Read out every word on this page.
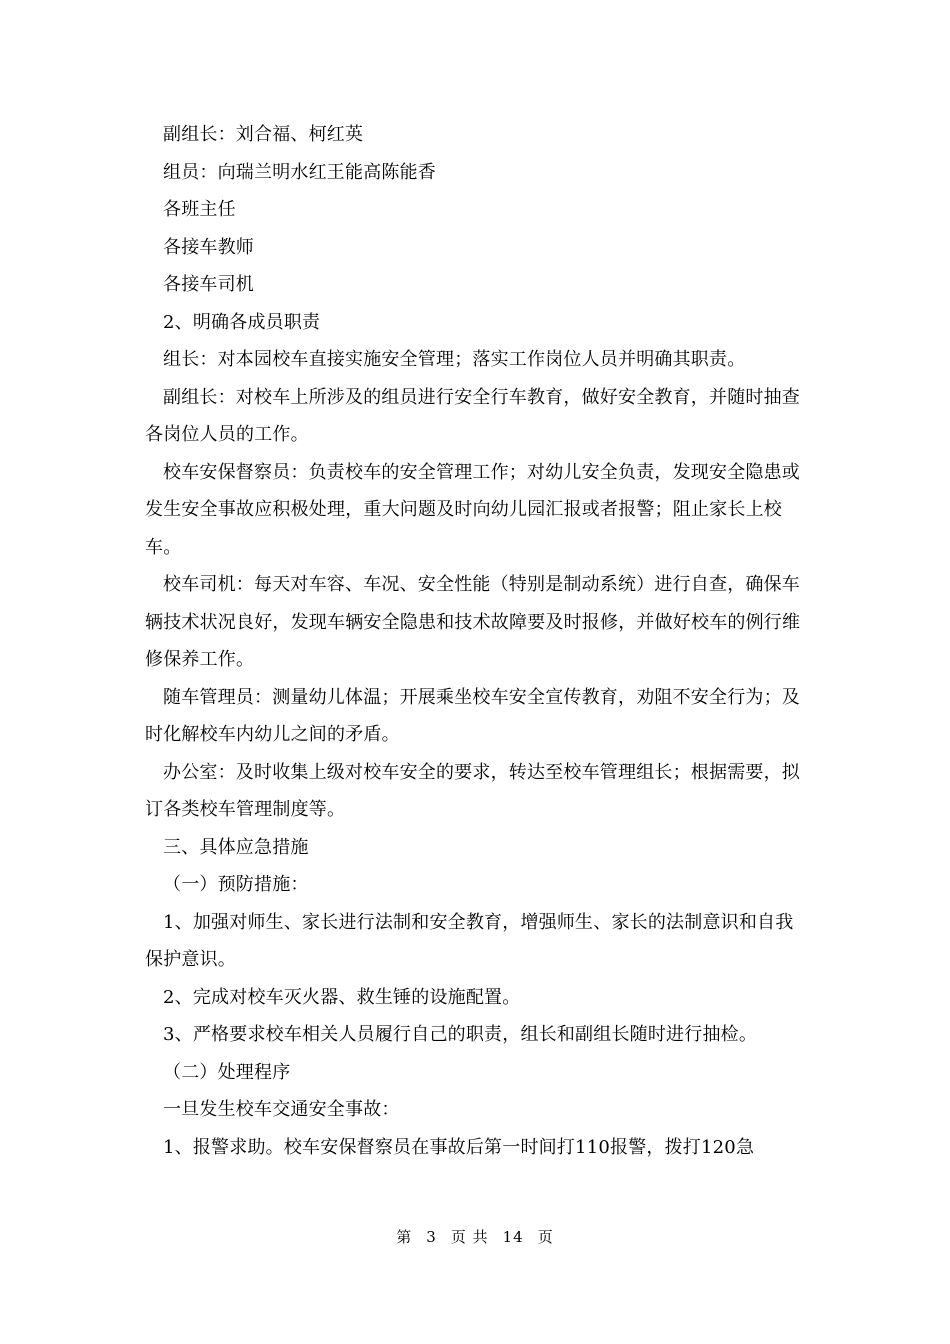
副组长：刘合福、柯红英

组员：向瑞兰明水红王能高陈能香

各班主任

各接车教师

各接车司机

2、明确各成员职责

组长：对本园校车直接实施安全管理；落实工作岗位人员并明确其职责。

副组长：对校车上所涉及的组员进行安全行车教育，做好安全教育，并随时抽查各岗位人员的工作。

校车安保督察员：负责校车的安全管理工作；对幼儿安全负责，发现安全隐患或发生安全事故应积极处理，重大问题及时向幼儿园汇报或者报警；阻止家长上校车。

校车司机：每天对车容、车况、安全性能（特别是制动系统）进行自查，确保车辆技术状况良好，发现车辆安全隐患和技术故障要及时报修，并做好校车的例行维修保养工作。

随车管理员：测量幼儿体温；开展乘坐校车安全宣传教育，劝阻不安全行为；及时化解校车内幼儿之间的矛盾。

办公室：及时收集上级对校车安全的要求，转达至校车管理组长；根据需要，拟订各类校车管理制度等。

三、具体应急措施

（一）预防措施：

1、加强对师生、家长进行法制和安全教育，增强师生、家长的法制意识和自我保护意识。

2、完成对校车灭火器、救生锤的设施配置。

3、严格要求校车相关人员履行自己的职责，组长和副组长随时进行抽检。

（二）处理程序

一旦发生校车交通安全事故：

1、报警求助。校车安保督察员在事故后第一时间打110报警，拨打120急

第 3 页 共 14 页
